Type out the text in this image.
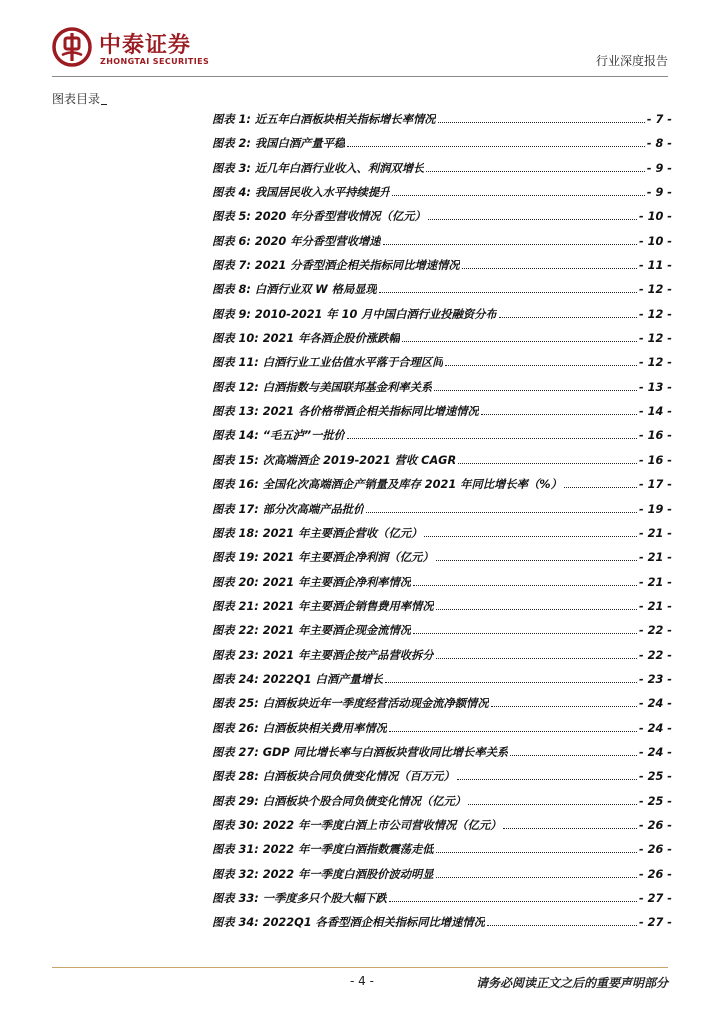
中泰证券
ZHONGTAI SECURITIES	行业深度报告
图表目录
图表 1:
近五年白酒板块相关指标增长率情况	- 7 -
图表 2:
我国白酒产量平稳	- 8 -
图表 3:
近几年白酒行业收入、利润双增长	- 9 -
图表 4:
我国居民收入水平持续提升	- 9 -
图表 5:
2020 年分香型营收情况（亿元）	- 10 -
图表 6:
2020 年分香型营收增速	- 10 -
图表 7:
2021 分香型酒企相关指标同比增速情况	- 11 -
图表 8:
白酒行业双 W 格局显现	- 12 -
图表 9:
2010-2021 年 10 月中国白酒行业投融资分布	- 12 -
图表 10:
2021 年各酒企股价涨跌幅	- 12 -
图表 11:
白酒行业工业估值水平落于合理区间	- 12 -
图表 12:
白酒指数与美国联邦基金利率关系	- 13 -
图表 13:
2021 各价格带酒企相关指标同比增速情况	- 14 -
图表 14:
“毛五泸”一批价	- 16 -
图表 15:
次高端酒企 2019-2021 营收 CAGR	- 16 -
图表 16:
全国化次高端酒企产销量及库存 2021 年同比增长率（%）	- 17 -
图表 17:
部分次高端产品批价	- 19 -
图表 18:
2021 年主要酒企营收（亿元）	- 21 -
图表 19:
2021 年主要酒企净利润（亿元）	- 21 -
图表 20:
2021 年主要酒企净利率情况	- 21 -
图表 21:
2021 年主要酒企销售费用率情况	- 21 -
图表 22:
2021 年主要酒企现金流情况	- 22 -
图表 23:
2021 年主要酒企按产品营收拆分	- 22 -
图表 24:
2022Q1 白酒产量增长	- 23 -
图表 25:
白酒板块近年一季度经营活动现金流净额情况	- 24 -
图表 26:
白酒板块相关费用率情况	- 24 -
图表 27:
GDP 同比增长率与白酒板块营收同比增长率关系	- 24 -
图表 28:
白酒板块合同负债变化情况（百万元）	- 25 -
图表 29:
白酒板块个股合同负债变化情况（亿元）	- 25 -
图表 30:
2022 年一季度白酒上市公司营收情况（亿元）	- 26 -
图表 31:
2022 年一季度白酒指数震荡走低	- 26 -
图表 32:
2022 年一季度白酒股价波动明显	- 26 -
图表 33:
一季度多只个股大幅下跌	- 27 -
图表 34:
2022Q1 各香型酒企相关指标同比增速情况	- 27 -
- 4 -	请务必阅读正文之后的重要声明部分
